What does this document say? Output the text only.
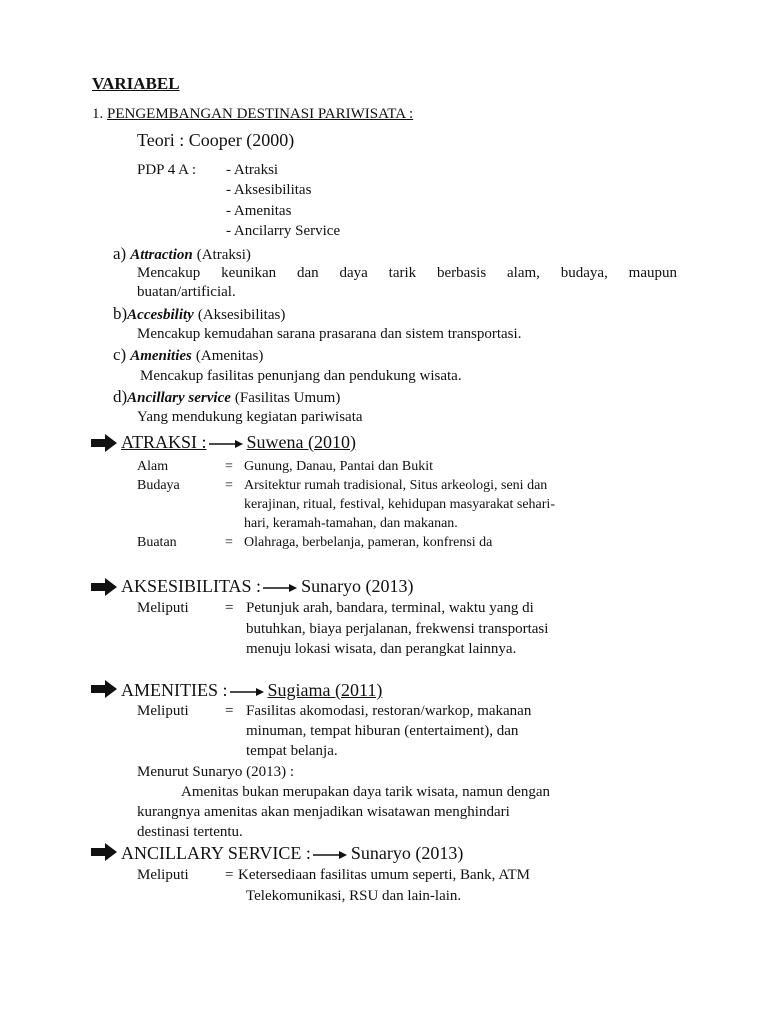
VARIABEL
1. PENGEMBANGAN DESTINASI PARIWISATA :
Teori : Cooper (2000)
PDP 4 A : - Atraksi
- Aksesibilitas
- Amenitas
- Ancilarry Service
a) Attraction (Atraksi)
Mencakup keunikan dan daya tarik berbasis alam, budaya, maupun
buatan/artificial.
b)Accesbility (Aksesibilitas)
Mencakup kemudahan sarana prasarana dan sistem transportasi.
c) Amenities (Amenitas)
Mencakup fasilitas penunjang dan pendukung wisata.
d)Ancillary service (Fasilitas Umum)
Yang mendukung kegiatan pariwisata
ATRAKSI : Suwena (2010)
Alam	= Gunung, Danau, Pantai dan Bukit
Budaya	= Arsitektur rumah tradisional, Situs arkeologi, seni dan
kerajinan, ritual, festival, kehidupan masyarakat sehari-
hari, keramah-tamahan, dan makanan.
Buatan	= Olahraga, berbelanja, pameran, konfrensi da
AKSESIBILITAS : Sunaryo (2013)
Meliputi = Petunjuk arah, bandara, terminal, waktu yang di
butuhkan, biaya perjalanan, frekwensi transportasi
menuju lokasi wisata, dan perangkat lainnya.
AMENITIES : Sugiama (2011)
Meliputi = Fasilitas akomodasi, restoran/warkop, makanan
minuman, tempat hiburan (entertaiment), dan
tempat belanja.
Menurut Sunaryo (2013) :
Amenitas bukan merupakan daya tarik wisata, namun dengan
kurangnya amenitas akan menjadikan wisatawan menghindari
destinasi tertentu.
ANCILLARY SERVICE : Sunaryo (2013)
Meliputi = Ketersediaan fasilitas umum seperti, Bank, ATM
Telekomunikasi, RSU dan lain-lain.
